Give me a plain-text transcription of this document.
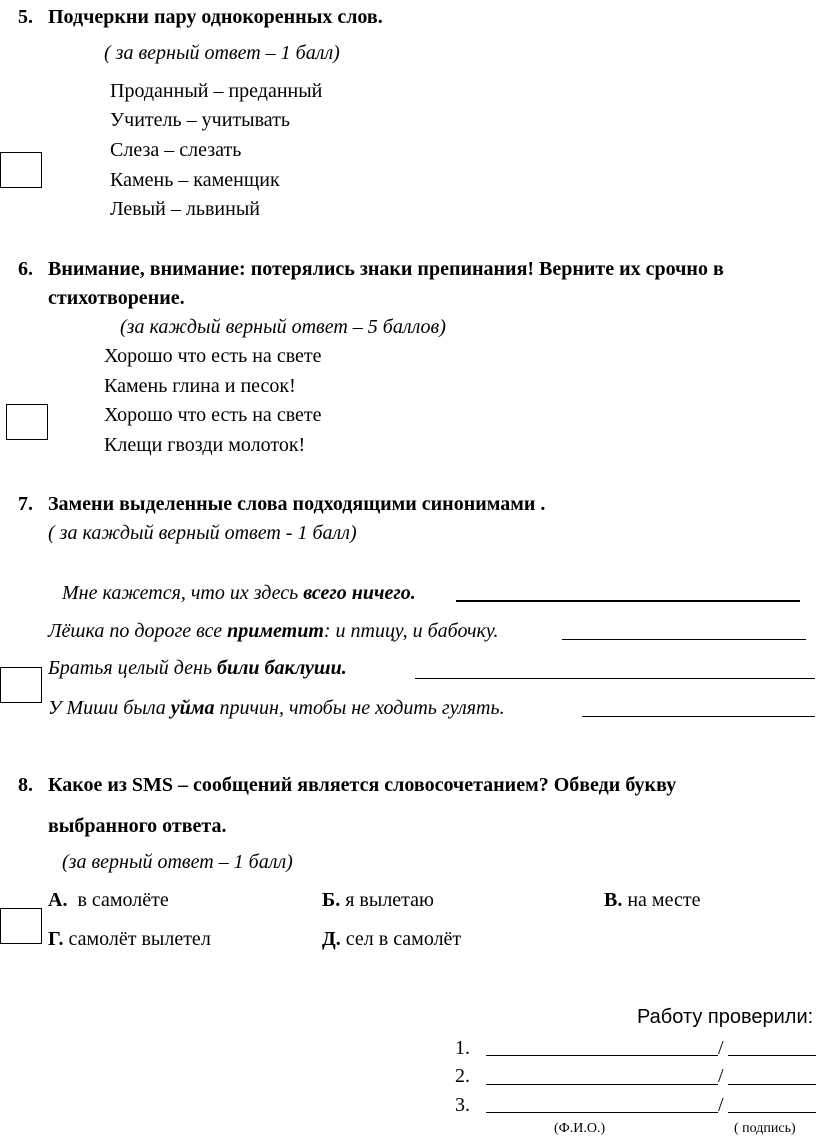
5. Подчеркни пару однокоренных слов.
( за верный ответ – 1 балл)
Проданный – преданный
Учитель – учитывать
Слеза – слезать
Камень – каменщик
Левый – львиный
6. Внимание, внимание: потерялись знаки препинания! Верните их срочно в
стихотворение.
(за каждый верный ответ – 5 баллов)
Хорошо что есть на свете
Камень глина и песок!
Хорошо что есть на свете
Клещи гвозди молоток!
7. Замени выделенные слова подходящими синонимами .
( за каждый верный ответ - 1 балл)
Мне кажется, что их здесь всего ничего.
Лёшка по дороге все приметит: и птицу, и бабочку.
Братья целый день били баклуши.
У Миши была уйма причин, чтобы не ходить гулять.
8. Какое из SMS – сообщений является словосочетанием? Обведи букву
выбранного ответа.
(за верный ответ – 1 балл)
А.  в самолёте	Б. я вылетаю	В. на месте
Г. самолёт вылетел	Д. сел в самолёт
Работу проверили:
1.	/
2.	/
3.	/
(Ф.И.О.)	( подпись)
